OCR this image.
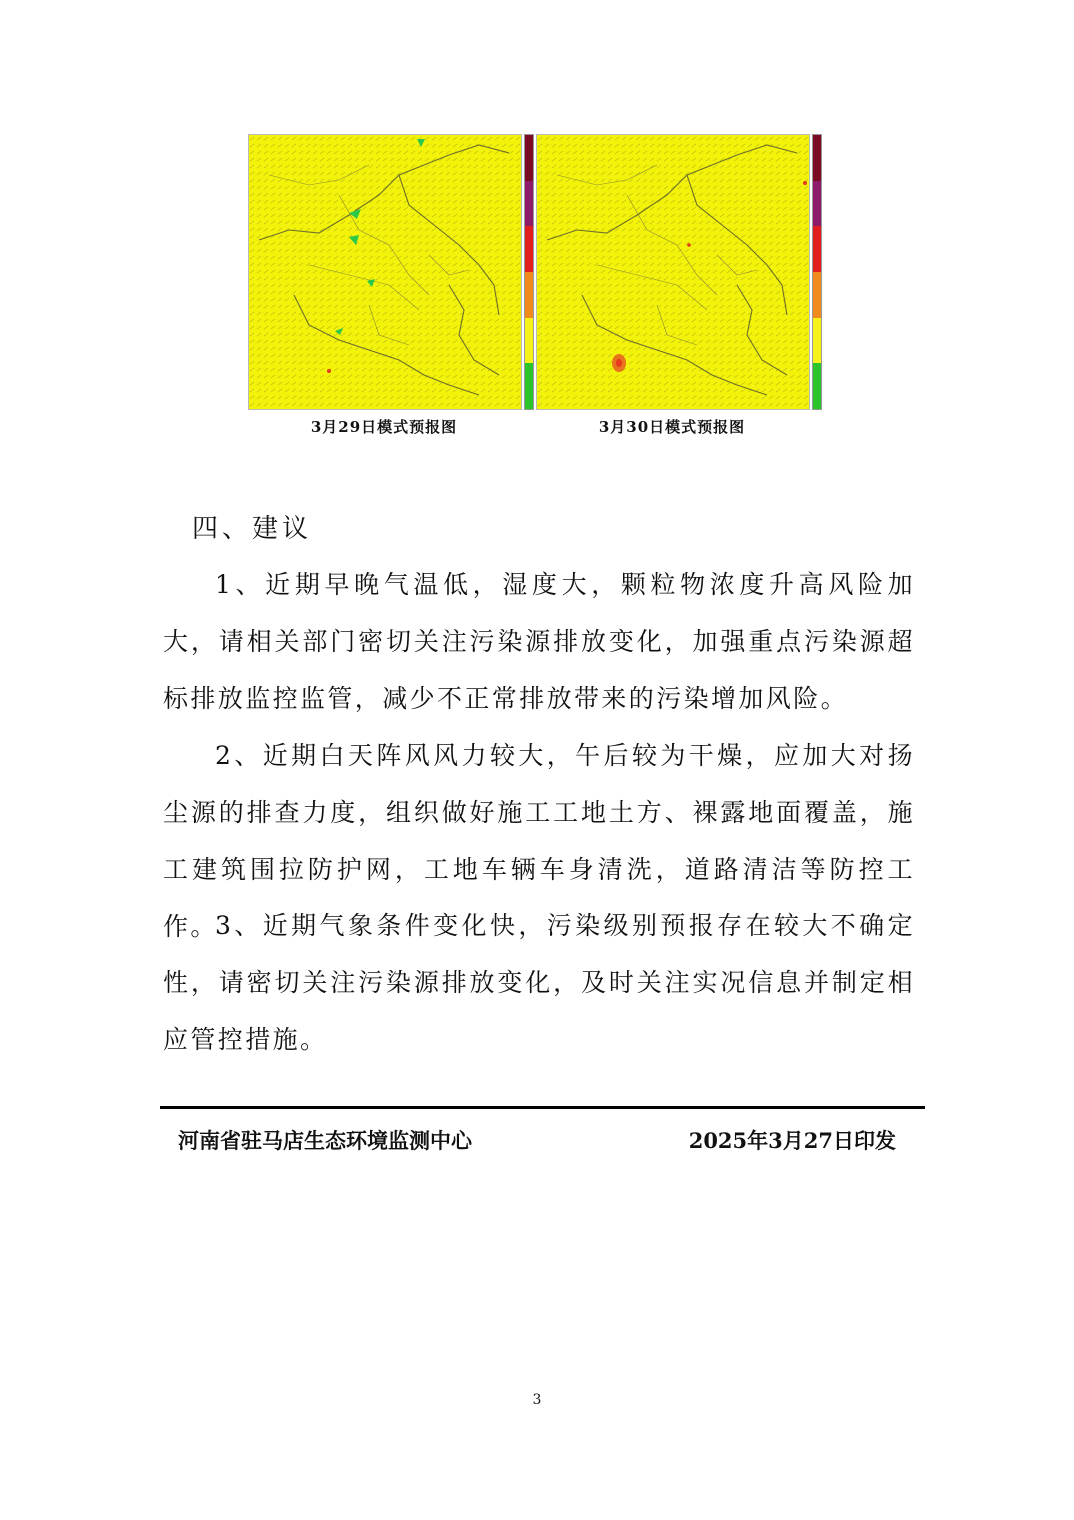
3月29日模式预报图	3月30日模式预报图
四、建议

1、近期早晚气温低，湿度大，颗粒物浓度升高风险加大，请相关部门密切关注污染源排放变化，加强重点污染源超标排放监控监管，减少不正常排放带来的污染增加风险。

2、近期白天阵风风力较大，午后较为干燥，应加大对扬尘源的排查力度，组织做好施工工地土方、裸露地面覆盖，施工建筑围拉防护网，工地车辆车身清洗，道路清洁等防控工作。

3、近期气象条件变化快，污染级别预报存在较大不确定性，请密切关注污染源排放变化，及时关注实况信息并制定相应管控措施。

河南省驻马店生态环境监测中心	2025年3月27日印发
3
